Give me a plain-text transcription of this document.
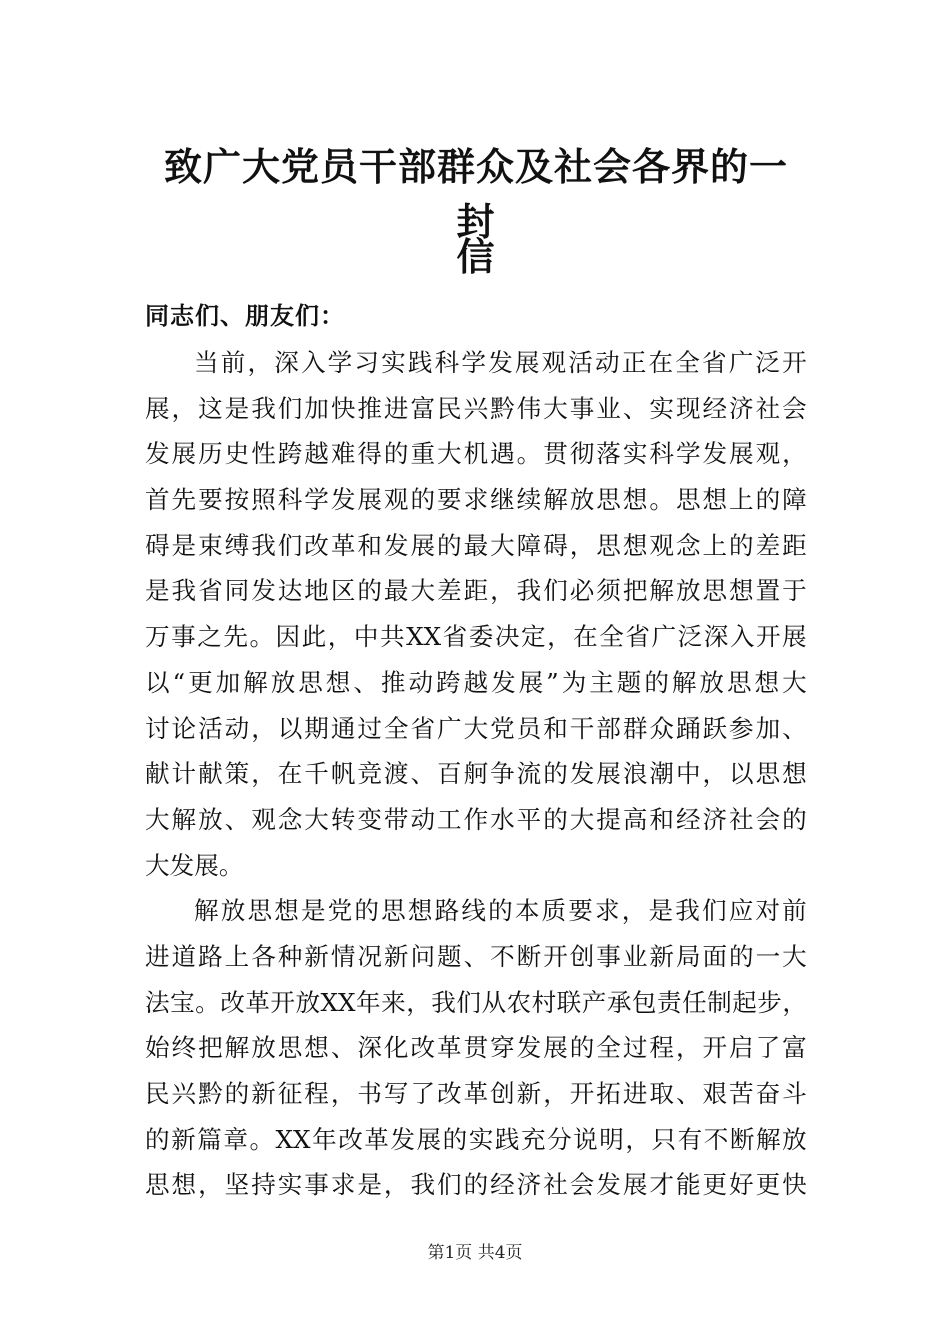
致广大党员干部群众及社会各界的一封
信

同志们、朋友们：

当 前 ， 深 入 学 习 实 践 科 学 发 展 观 活 动 正 在 全 省 广 泛 开
展 ， 这 是 我 们 加 快 推 进 富 民 兴 黔 伟 大 事 业 、 实 现 经 济 社 会
发 展 历 史 性 跨 越 难 得 的 重 大 机 遇 。 贯 彻 落 实 科 学 发 展 观 ，
首 先 要 按 照 科 学 发 展 观 的 要 求 继 续 解 放 思 想 。 思 想 上 的 障
碍 是 束 缚 我 们 改 革 和 发 展 的 最 大 障 碍 ， 思 想 观 念 上 的 差 距
是 我 省 同 发 达 地 区 的 最 大 差 距 ， 我 们 必 须 把 解 放 思 想 置 于
万 事 之 先 。 因 此 ， 中 共 XX 省 委 决 定 ， 在 全 省 广 泛 深 入 开 展
以 “ 更 加 解 放 思 想 、 推 动 跨 越 发 展 ” 为 主 题 的 解 放 思 想 大
讨 论 活 动 ， 以 期 通 过 全 省 广 大 党 员 和 干 部 群 众 踊 跃 参 加 、
献 计 献 策 ， 在 千 帆 竞 渡 、 百 舸 争 流 的 发 展 浪 潮 中 ， 以 思 想
大 解 放 、 观 念 大 转 变 带 动 工 作 水 平 的 大 提 高 和 经 济 社 会 的
大 发 展 。
解 放 思 想 是 党 的 思 想 路 线 的 本 质 要 求 ， 是 我 们 应 对 前
进 道 路 上 各 种 新 情 况 新 问 题 、 不 断 开 创 事 业 新 局 面 的 一 大
法 宝 。 改 革 开 放 XX 年 来 ， 我 们 从 农 村 联 产 承 包 责 任 制 起 步 ，
始 终 把 解 放 思 想 、 深 化 改 革 贯 穿 发 展 的 全 过 程 ， 开 启 了 富
民 兴 黔 的 新 征 程 ， 书 写 了 改 革 创 新 ， 开 拓 进 取 、 艰 苦 奋 斗
的 新 篇 章 。 XX 年 改 革 发 展 的 实 践 充 分 说 明 ， 只 有 不 断 解 放
思 想 ， 坚 持 实 事 求 是 ， 我 们 的 经 济 社 会 发 展 才 能 更 好 更 快
第1页 共4页
